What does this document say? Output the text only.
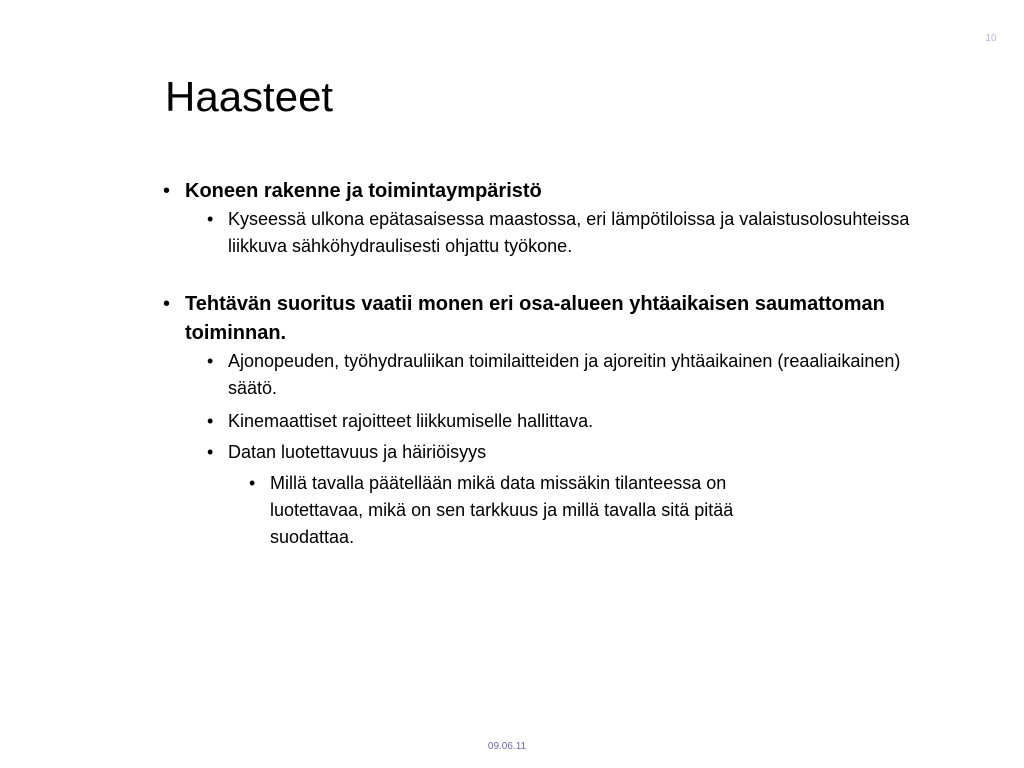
10
Haasteet
• Koneen rakenne ja toimintaympäristö
• Kyseessä ulkona epätasaisessa maastossa, eri lämpötiloissa ja valaistusolosuhteissa liikkuva sähköhydraulisesti ohjattu työkone.
• Tehtävän suoritus vaatii monen eri osa-alueen yhtäaikaisen saumattoman toiminnan.
• Ajonopeuden, työhydrauliikan toimilaitteiden ja ajoreitin yhtäaikainen (reaaliaikainen) säätö.
• Kinemaattiset rajoitteet liikkumiselle hallittava.
• Datan luotettavuus ja häiriöisyys
• Millä tavalla päätellään mikä data missäkin tilanteessa on luotettavaa, mikä on sen tarkkuus ja millä tavalla sitä pitää suodattaa.
09.06.11
